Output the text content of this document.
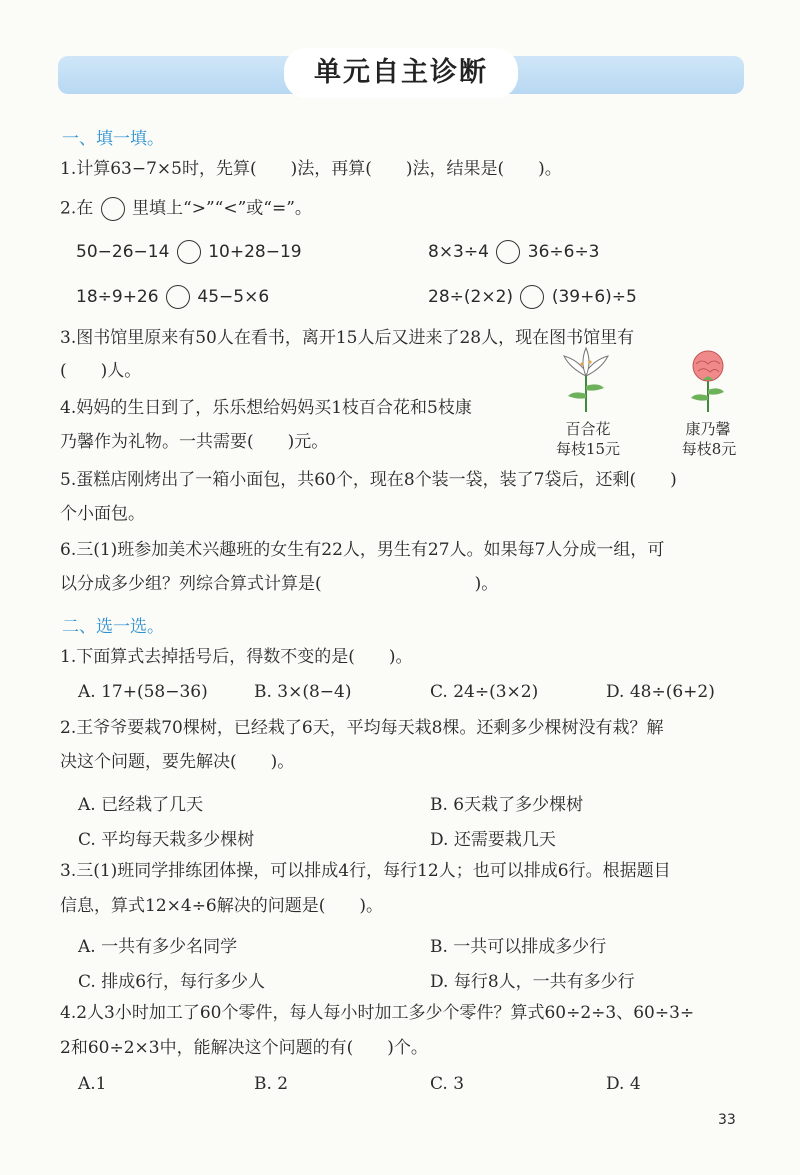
单元自主诊断
一、填一填。
1.计算63−7×5时，先算(　　)法，再算(　　)法，结果是(　　)。
2.在 里填上“>”“<”或“=”。
50−26−14 10+28−19	8×3÷4 36÷6÷3
18÷9+26 45−5×6	28÷(2×2) (39+6)÷5
3.图书馆里原来有50人在看书，离开15人后又进来了28人，现在图书馆里有
(　　)人。
4.妈妈的生日到了，乐乐想给妈妈买1枝百合花和5枝康
乃馨作为礼物。一共需要(　　)元。
百合花
每枝15元
康乃馨
每枝8元
5.蛋糕店刚烤出了一箱小面包，共60个，现在8个装一袋，装了7袋后，还剩(　　)
个小面包。
6.三(1)班参加美术兴趣班的女生有22人，男生有27人。如果每7人分成一组，可
以分成多少组？列综合算式计算是(　　　　　　　　　)。
二、选一选。
1.下面算式去掉括号后，得数不变的是(　　)。
A. 17+(58−36)	B. 3×(8−4)	C. 24÷(3×2)	D. 48÷(6+2)
2.王爷爷要栽70棵树，已经栽了6天，平均每天栽8棵。还剩多少棵树没有栽？解
决这个问题，要先解决(　　)。
A. 已经栽了几天	B. 6天栽了多少棵树
C. 平均每天栽多少棵树	D. 还需要栽几天
3.三(1)班同学排练团体操，可以排成4行，每行12人；也可以排成6行。根据题目
信息，算式12×4÷6解决的问题是(　　)。
A. 一共有多少名同学	B. 一共可以排成多少行
C. 排成6行，每行多少人	D. 每行8人，一共有多少行
4.2人3小时加工了60个零件，每人每小时加工多少个零件？算式60÷2÷3、60÷3÷
2和60÷2×3中，能解决这个问题的有(　　)个。
A.1	B. 2	C. 3	D. 4
33
